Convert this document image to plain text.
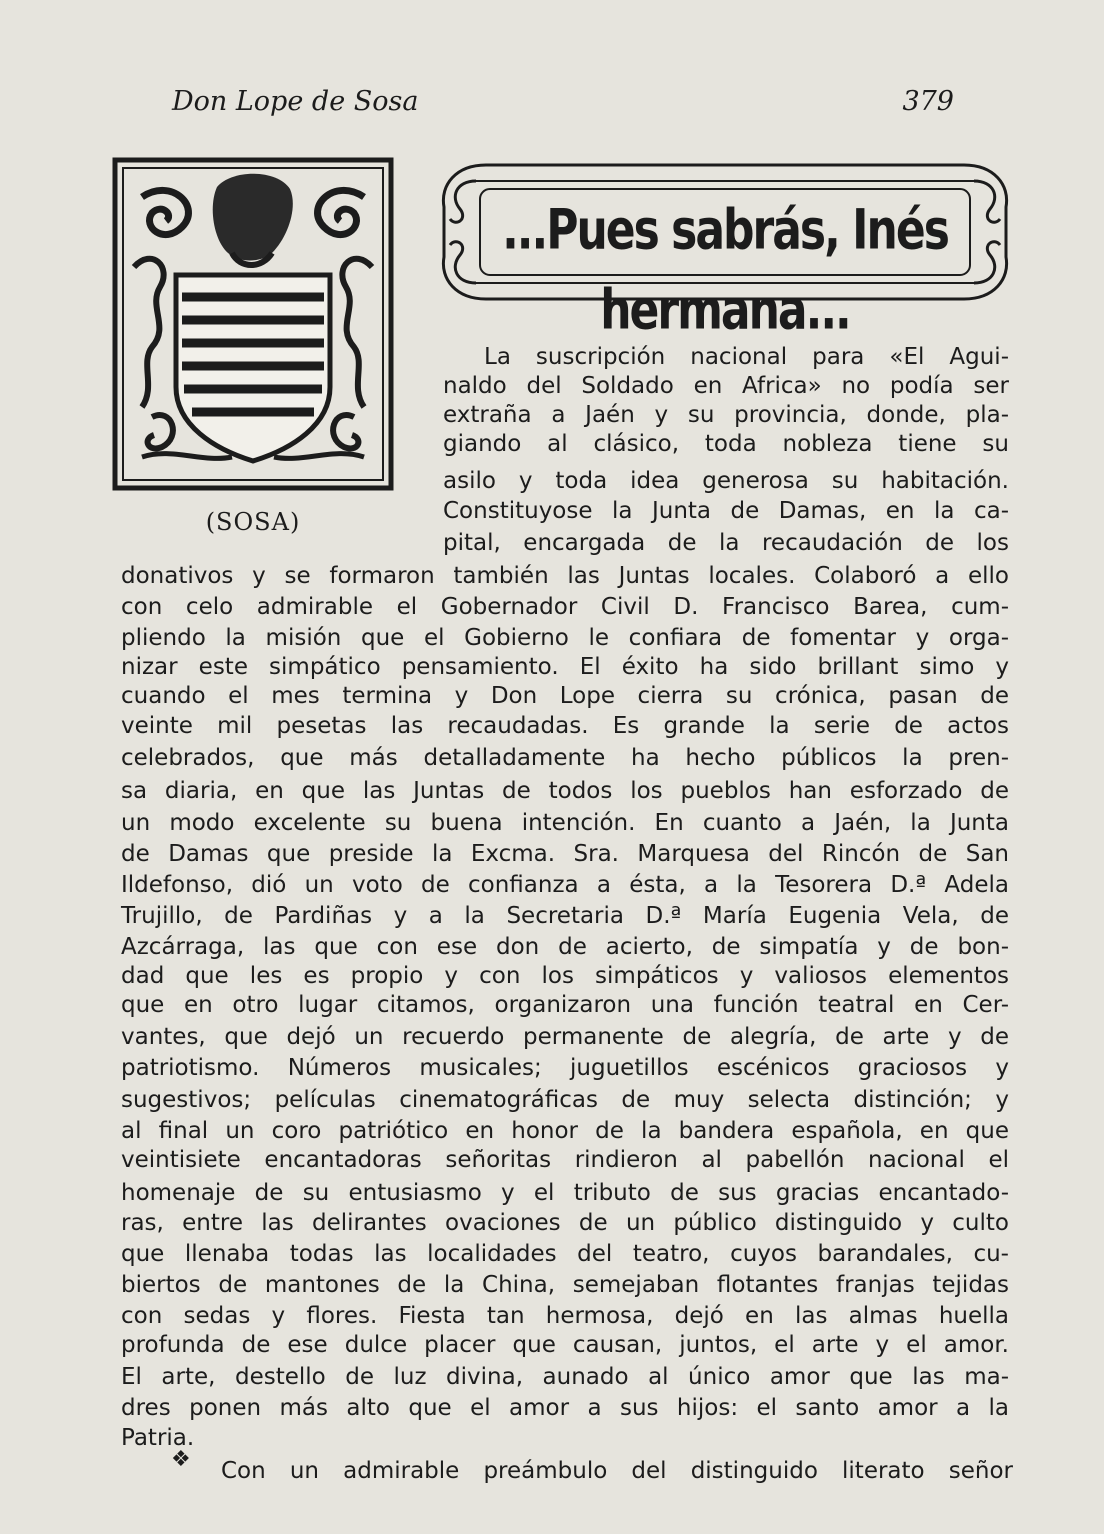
Don Lope de Sosa	379
(SOSA)
...Pues sabrás, Inés hermana...
La suscripción nacional para «El Agui-
naldo del Soldado en Africa» no podía ser
extraña a Jaén y su provincia, donde, pla-
giando al clásico, toda nobleza tiene su
asilo y toda idea generosa su habitación.
Constituyose la Junta de Damas, en la ca-
pital, encargada de la recaudación de los
donativos y se formaron también las Juntas locales. Colaboró a ello
con celo admirable el Gobernador Civil D. Francisco Barea, cum-
pliendo la misión que el Gobierno le confiara de fomentar y orga-
nizar este simpático pensamiento. El éxito ha sido brillant simo y
cuando el mes termina y Don Lope cierra su crónica, pasan de
veinte mil pesetas las recaudadas. Es grande la serie de actos
celebrados, que más detalladamente ha hecho públicos la pren-
sa diaria, en que las Juntas de todos los pueblos han esforzado de
un modo excelente su buena intención. En cuanto a Jaén, la Junta
de Damas que preside la Excma. Sra. Marquesa del Rincón de San
Ildefonso, dió un voto de confianza a ésta, a la Tesorera D.ª Adela
Trujillo, de Pardiñas y a la Secretaria D.ª María Eugenia Vela, de
Azcárraga, las que con ese don de acierto, de simpatía y de bon-
dad que les es propio y con los simpáticos y valiosos elementos
que en otro lugar citamos, organizaron una función teatral en Cer-
vantes, que dejó un recuerdo permanente de alegría, de arte y de
patriotismo. Números musicales; juguetillos escénicos graciosos y
sugestivos; películas cinematográficas de muy selecta distinción; y
al final un coro patriótico en honor de la bandera española, en que
veintisiete encantadoras señoritas rindieron al pabellón nacional el
homenaje de su entusiasmo y el tributo de sus gracias encantado-
ras, entre las delirantes ovaciones de un público distinguido y culto
que llenaba todas las localidades del teatro, cuyos barandales, cu-
biertos de mantones de la China, semejaban flotantes franjas tejidas
con sedas y flores. Fiesta tan hermosa, dejó en las almas huella
profunda de ese dulce placer que causan, juntos, el arte y el amor.
El arte, destello de luz divina, aunado al único amor que las ma-
dres ponen más alto que el amor a sus hijos: el santo amor a la
Patria.
❖ Con un admirable preámbulo del distinguido literato señor
